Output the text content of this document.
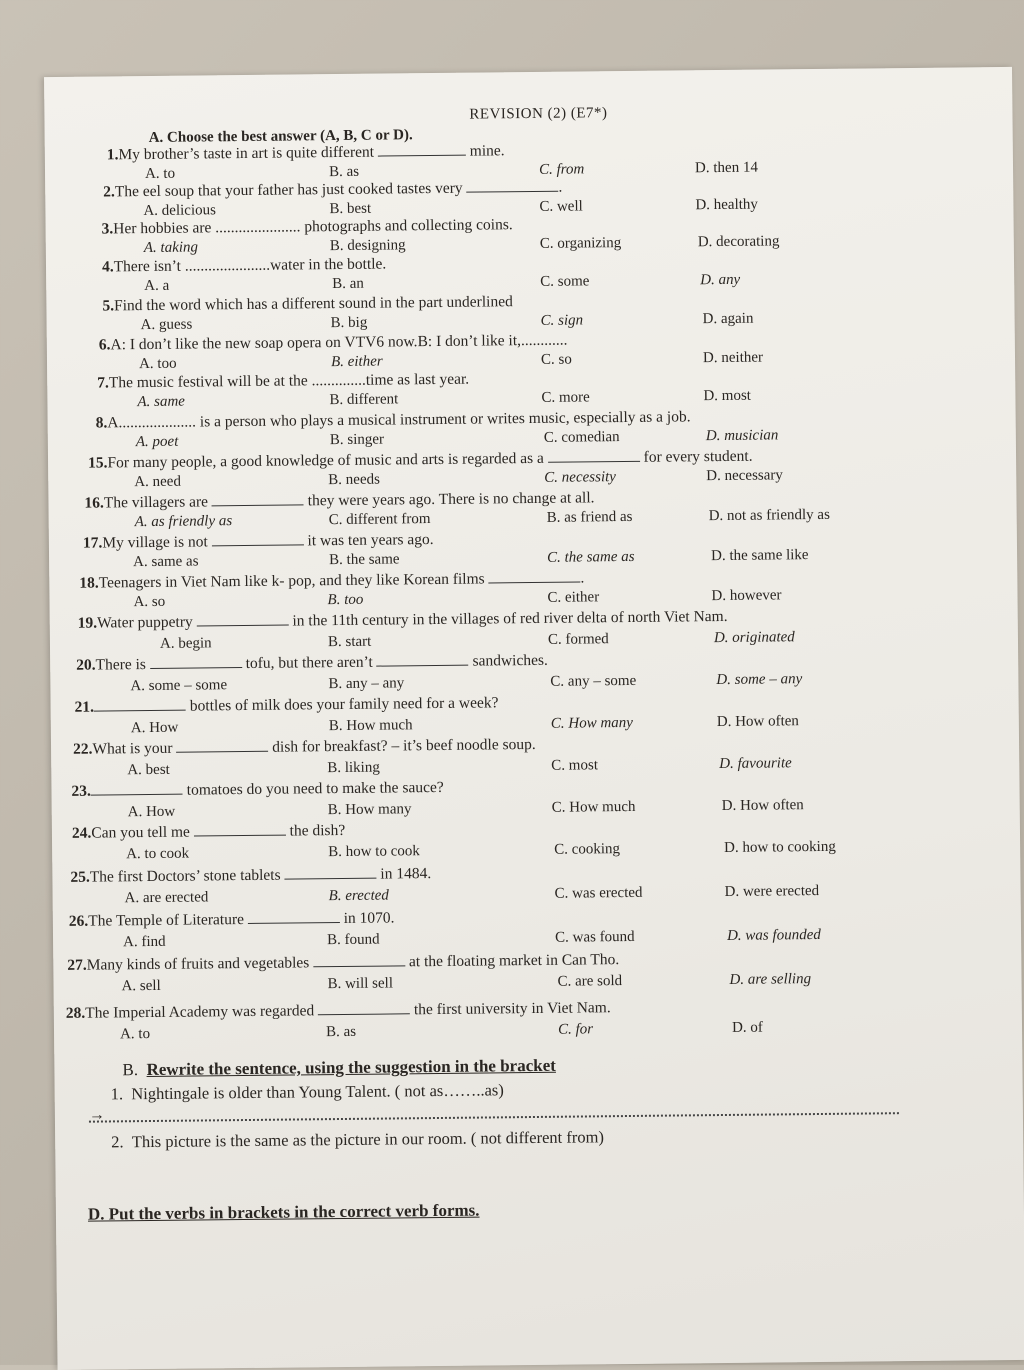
REVISION (2) (E7*)
A. Choose the best answer (A, B, C or D).
1.My brother’s taste in art is quite different	mine.
A. to	B. as	C. from	D. then 14
2.The eel soup that your father has just cooked tastes very	.
A. delicious	B. best	C. well	D. healthy
3.Her hobbies are ...................... photographs and collecting coins.
A. taking	B. designing	C. organizing	D. decorating
4.There isn’t ......................water in the bottle.
A. a	B. an	C. some	D. any
5.Find the word which has a different sound in the part underlined
A. guess	B. big	C. sign	D. again
6.A: I don’t like the new soap opera on VTV6 now.B: I don’t like it,............
A. too	B. either	C. so	D. neither
7.The music festival will be at the ..............time as last year.
A. same	B. different	C. more	D. most
8.A.................... is a person who plays a musical instrument or writes music, especially as a job.
A. poet	B. singer	C. comedian	D. musician
15.For many people, a good knowledge of music and arts is regarded as a	for every student.
A. need	B. needs	C. necessity	D. necessary
16.The villagers are	they were years ago. There is no change at all.
A. as friendly as	C. different from	B. as friend as	D. not as friendly as
17.My village is not	it was ten years ago.
A. same as	B. the same	C. the same as	D. the same like
18.Teenagers in Viet Nam like k- pop, and they like Korean films	.
A. so	B. too	C. either	D. however
19.Water puppetry	in the 11th century in the villages of red river delta of north Viet Nam.
A. begin	B. start	C. formed	D. originated
20.There is	tofu, but there aren’t	sandwiches.
A. some – some	B. any – any	C. any – some	D. some – any
21.	bottles of milk does your family need for a week?
A. How	B. How much	C. How many	D. How often
22.What is your	dish for breakfast? – it’s beef noodle soup.
A. best	B. liking	C. most	D. favourite
23.	tomatoes do you need to make the sauce?
A. How	B. How many	C. How much	D. How often
24.Can you tell me	the dish?
A. to cook	B. how to cook	C. cooking	D. how to cooking
25.The first Doctors’ stone tablets	in 1484.
A. are erected	B. erected	C. was erected	D. were erected
26.The Temple of Literature	in 1070.
A. find	B. found	C. was found	D. was founded
27.Many kinds of fruits and vegetables	at the floating market in Can Tho.
A. sell	B. will sell	C. are sold	D. are selling
28.The Imperial Academy was regarded	the first university in Viet Nam.
A. to	B. as	C. for	D. of
B. Rewrite the sentence, using the suggestion in the bracket
1. Nightingale is older than Young Talent. ( not as……..as)
→
2. This picture is the same as the picture in our room. ( not different from)
D. Put the verbs in brackets in the correct verb forms.
